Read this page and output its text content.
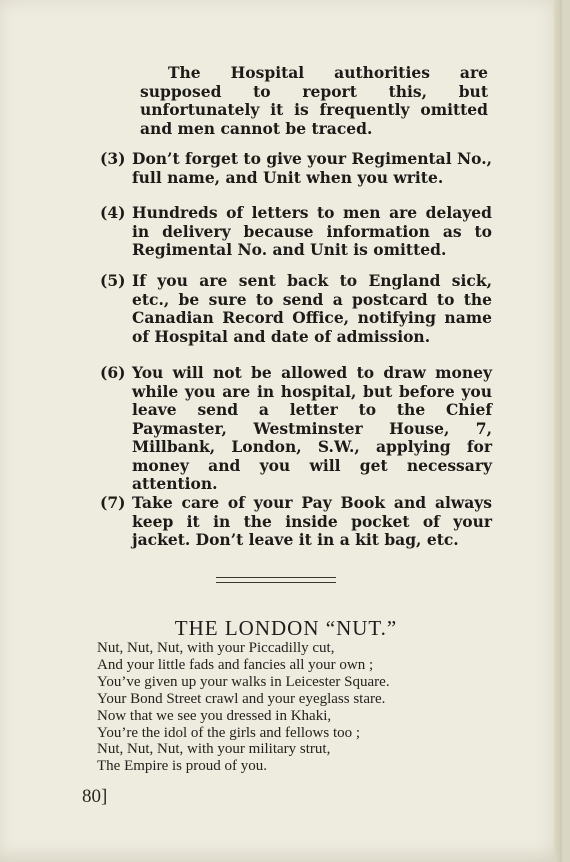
The Hospital authorities are supposed to report this, but unfortunately it is frequently omitted and men cannot be traced.
(3) Don’t forget to give your Regimental No., full name, and Unit when you write.
(4) Hundreds of letters to men are delayed in delivery because information as to Regimental No. and Unit is omitted.
(5) If you are sent back to England sick, etc., be sure to send a postcard to the Canadian Record Office, notifying name of Hospital and date of admission.
(6) You will not be allowed to draw money while you are in hospital, but before you leave send a letter to the Chief Paymaster, Westminster House, 7, Millbank, London, S.W., applying for money and you will get necessary attention.
(7) Take care of your Pay Book and always keep it in the inside pocket of your jacket. Don’t leave it in a kit bag, etc.
THE LONDON “NUT.”
Nut, Nut, Nut, with your Piccadilly cut,
And your little fads and fancies all your own ;
You’ve given up your walks in Leicester Square.
Your Bond Street crawl and your eyeglass stare.
Now that we see you dressed in Khaki,
You’re the idol of the girls and fellows too ;
Nut, Nut, Nut, with your military strut,
The Empire is proud of you.
80]
